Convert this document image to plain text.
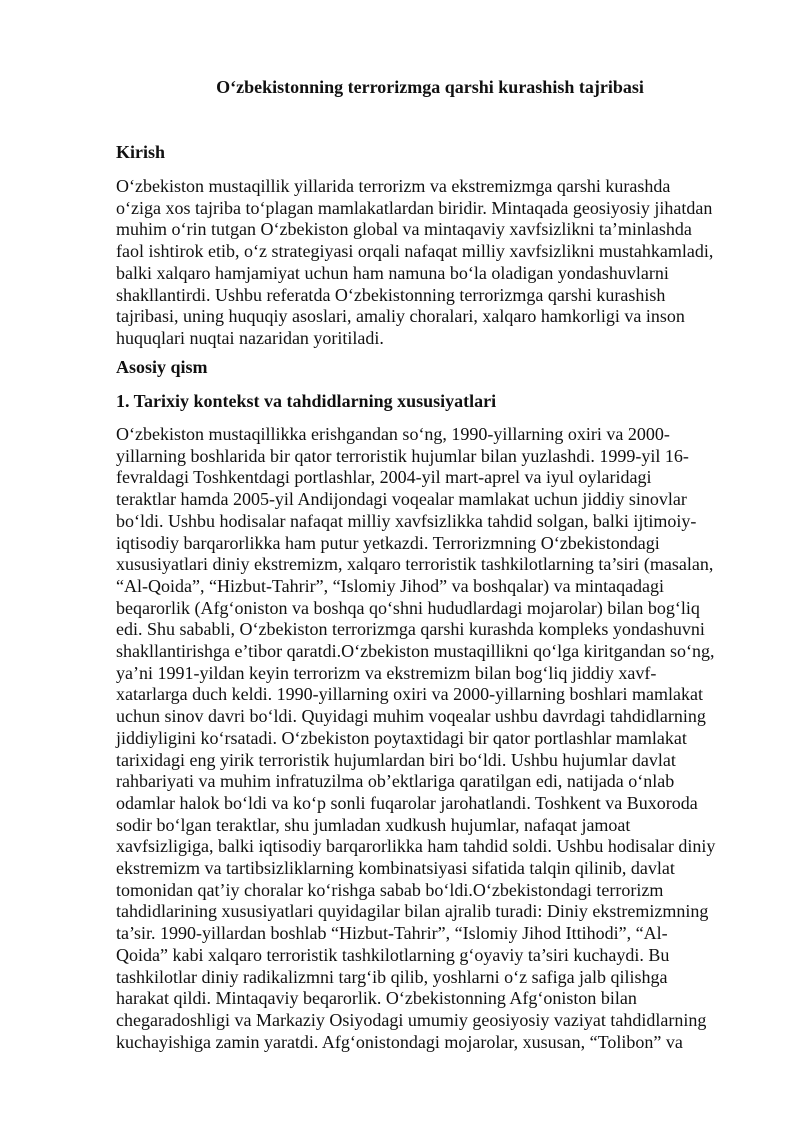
O‘zbekistonning terrorizmga qarshi kurashish tajribasi
Kirish

O‘zbekiston mustaqillik yillarida terrorizm va ekstremizmga qarshi kurashda
o‘ziga xos tajriba to‘plagan mamlakatlardan biridir. Mintaqada geosiyosiy jihatdan
muhim o‘rin tutgan O‘zbekiston global va mintaqaviy xavfsizlikni ta’minlashda
faol ishtirok etib, o‘z strategiyasi orqali nafaqat milliy xavfsizlikni mustahkamladi,
balki xalqaro hamjamiyat uchun ham namuna bo‘la oladigan yondashuvlarni
shakllantirdi. Ushbu referatda O‘zbekistonning terrorizmga qarshi kurashish
tajribasi, uning huquqiy asoslari, amaliy choralari, xalqaro hamkorligi va inson
huquqlari nuqtai nazaridan yoritiladi.

Asosiy qism
1. Tarixiy kontekst va tahdidlarning xususiyatlari

O‘zbekiston mustaqillikka erishgandan so‘ng, 1990-yillarning oxiri va 2000-
yillarning boshlarida bir qator terroristik hujumlar bilan yuzlashdi. 1999-yil 16-
fevraldagi Toshkentdagi portlashlar, 2004-yil mart-aprel va iyul oylaridagi
teraktlar hamda 2005-yil Andijondagi voqealar mamlakat uchun jiddiy sinovlar
bo‘ldi. Ushbu hodisalar nafaqat milliy xavfsizlikka tahdid solgan, balki ijtimoiy-
iqtisodiy barqarorlikka ham putur yetkazdi. Terrorizmning O‘zbekistondagi
xususiyatlari diniy ekstremizm, xalqaro terroristik tashkilotlarning ta’siri (masalan,
“Al-Qoida”, “Hizbut-Tahrir”, “Islomiy Jihod” va boshqalar) va mintaqadagi
beqarorlik (Afg‘oniston va boshqa qo‘shni hududlardagi mojarolar) bilan bog‘liq
edi. Shu sababli, O‘zbekiston terrorizmga qarshi kurashda kompleks yondashuvni
shakllantirishga e’tibor qaratdi.O‘zbekiston mustaqillikni qo‘lga kiritgandan so‘ng,
ya’ni 1991-yildan keyin terrorizm va ekstremizm bilan bog‘liq jiddiy xavf-
xatarlarga duch keldi. 1990-yillarning oxiri va 2000-yillarning boshlari mamlakat
uchun sinov davri bo‘ldi. Quyidagi muhim voqealar ushbu davrdagi tahdidlarning
jiddiyligini ko‘rsatadi. O‘zbekiston poytaxtidagi bir qator portlashlar mamlakat
tarixidagi eng yirik terroristik hujumlardan biri bo‘ldi. Ushbu hujumlar davlat
rahbariyati va muhim infratuzilma ob’ektlariga qaratilgan edi, natijada o‘nlab
odamlar halok bo‘ldi va ko‘p sonli fuqarolar jarohatlandi. Toshkent va Buxoroda
sodir bo‘lgan teraktlar, shu jumladan xudkush hujumlar, nafaqat jamoat
xavfsizligiga, balki iqtisodiy barqarorlikka ham tahdid soldi. Ushbu hodisalar diniy
ekstremizm va tartibsizliklarning kombinatsiyasi sifatida talqin qilinib, davlat
tomonidan qat’iy choralar ko‘rishga sabab bo‘ldi.O‘zbekistondagi terrorizm
tahdidlarining xususiyatlari quyidagilar bilan ajralib turadi: Diniy ekstremizmning
ta’sir. 1990-yillardan boshlab “Hizbut-Tahrir”, “Islomiy Jihod Ittihodi”, “Al-
Qoida” kabi xalqaro terroristik tashkilotlarning g‘oyaviy ta’siri kuchaydi. Bu
tashkilotlar diniy radikalizmni targ‘ib qilib, yoshlarni o‘z safiga jalb qilishga
harakat qildi. Mintaqaviy beqarorlik. O‘zbekistonning Afg‘oniston bilan
chegaradoshligi va Markaziy Osiyodagi umumiy geosiyosiy vaziyat tahdidlarning
kuchayishiga zamin yaratdi. Afg‘onistondagi mojarolar, xususan, “Tolibon” va
